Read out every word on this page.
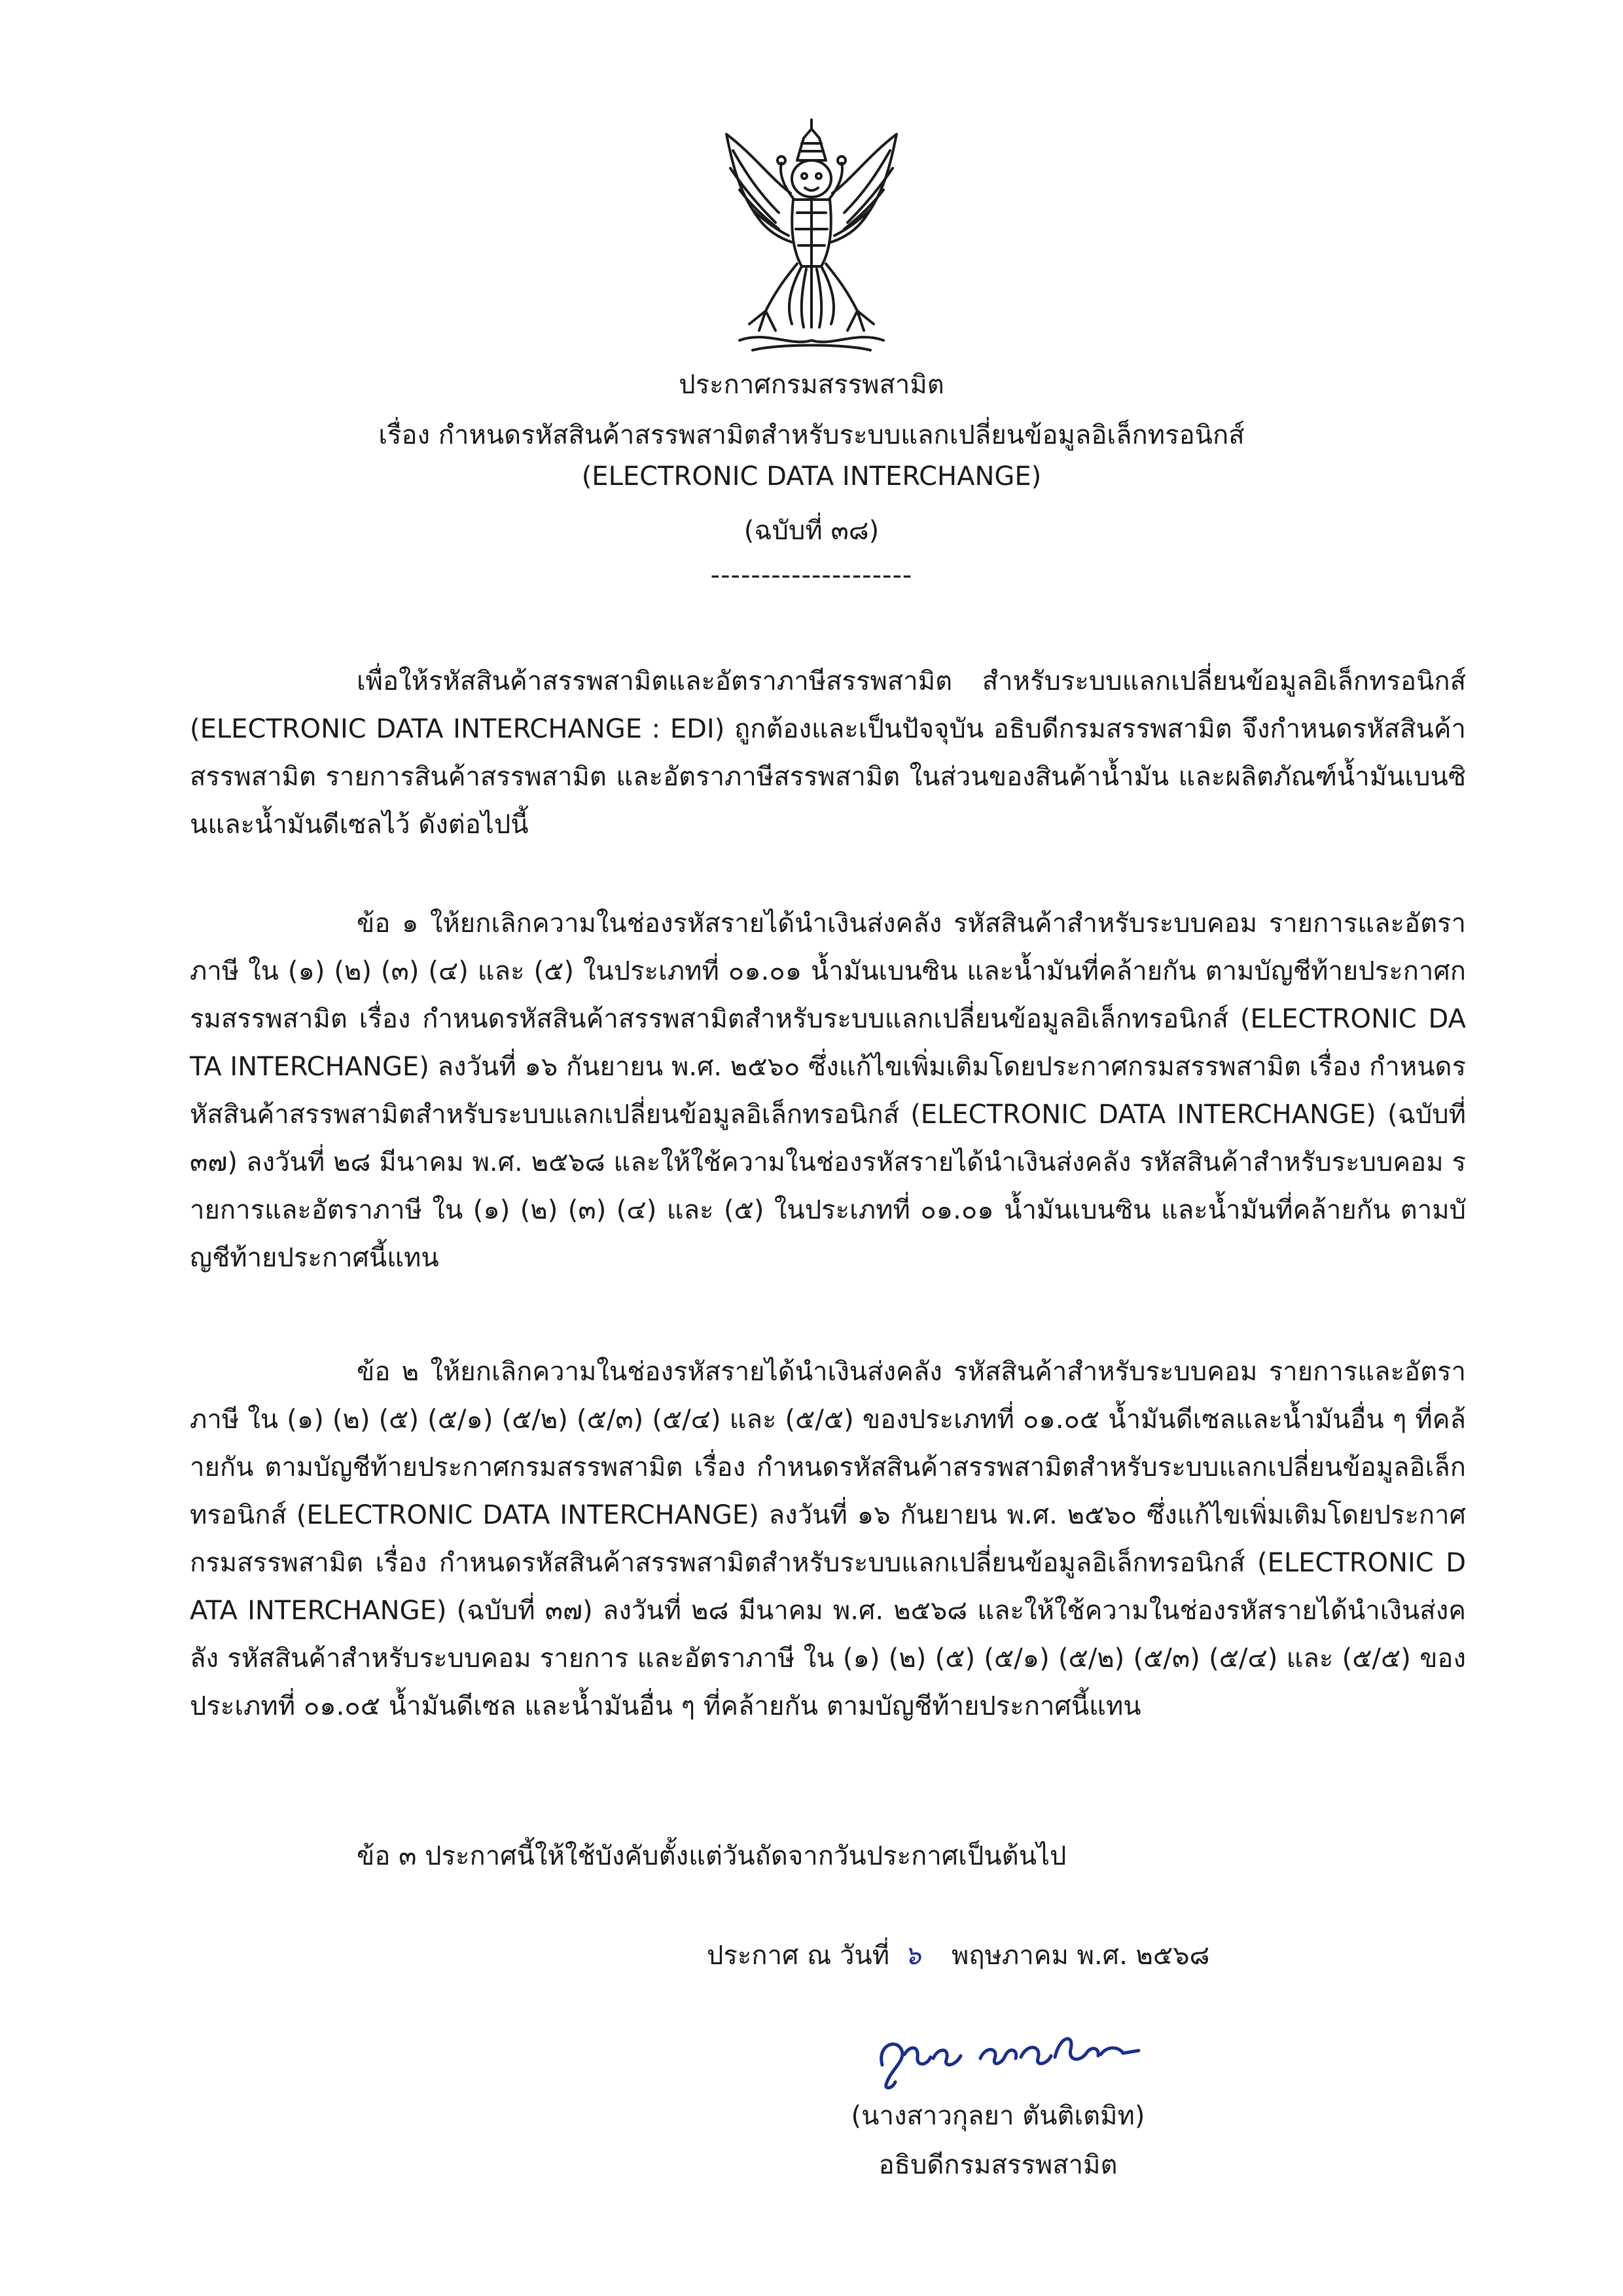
ประกาศกรมสรรพสามิต
เรื่อง กำหนดรหัสสินค้าสรรพสามิตสำหรับระบบแลกเปลี่ยนข้อมูลอิเล็กทรอนิกส์
(ELECTRONIC DATA INTERCHANGE)
(ฉบับที่ ๓๘)
--------------------
เพื่อให้รหัสสินค้าสรรพสามิตและอัตราภาษีสรรพสามิต สำหรับระบบแลกเปลี่ยนข้อมูลอิเล็กทรอนิกส์ (ELECTRONIC DATA INTERCHANGE : EDI) ถูกต้องและเป็นปัจจุบัน อธิบดีกรมสรรพสามิต จึงกำหนดรหัสสินค้าสรรพสามิต รายการสินค้าสรรพสามิต และอัตราภาษีสรรพสามิต ในส่วนของสินค้าน้ำมัน และผลิตภัณฑ์น้ำมันเบนซินและน้ำมันดีเซลไว้ ดังต่อไปนี้
ข้อ ๑ ให้ยกเลิกความในช่องรหัสรายได้นำเงินส่งคลัง รหัสสินค้าสำหรับระบบคอม รายการและอัตราภาษี ใน (๑) (๒) (๓) (๔) และ (๕) ในประเภทที่ ๐๑.๐๑ น้ำมันเบนซิน และน้ำมันที่คล้ายกัน ตามบัญชีท้ายประกาศกรมสรรพสามิต เรื่อง กำหนดรหัสสินค้าสรรพสามิตสำหรับระบบแลกเปลี่ยนข้อมูลอิเล็กทรอนิกส์ (ELECTRONIC DATA INTERCHANGE) ลงวันที่ ๑๖ กันยายน พ.ศ. ๒๕๖๐ ซึ่งแก้ไขเพิ่มเติมโดยประกาศกรมสรรพสามิต เรื่อง กำหนดรหัสสินค้าสรรพสามิตสำหรับระบบแลกเปลี่ยนข้อมูลอิเล็กทรอนิกส์ (ELECTRONIC DATA INTERCHANGE) (ฉบับที่ ๓๗) ลงวันที่ ๒๘ มีนาคม พ.ศ. ๒๕๖๘ และให้ใช้ความในช่องรหัสรายได้นำเงินส่งคลัง รหัสสินค้าสำหรับระบบคอม รายการและอัตราภาษี ใน (๑) (๒) (๓) (๔) และ (๕) ในประเภทที่ ๐๑.๐๑ น้ำมันเบนซิน และน้ำมันที่คล้ายกัน ตามบัญชีท้ายประกาศนี้แทน
ข้อ ๒ ให้ยกเลิกความในช่องรหัสรายได้นำเงินส่งคลัง รหัสสินค้าสำหรับระบบคอม รายการและอัตราภาษี ใน (๑) (๒) (๕) (๕/๑) (๕/๒) (๕/๓) (๕/๔) และ (๕/๕) ของประเภทที่ ๐๑.๐๕ น้ำมันดีเซลและน้ำมันอื่น ๆ ที่คล้ายกัน ตามบัญชีท้ายประกาศกรมสรรพสามิต เรื่อง กำหนดรหัสสินค้าสรรพสามิตสำหรับระบบแลกเปลี่ยนข้อมูลอิเล็กทรอนิกส์ (ELECTRONIC DATA INTERCHANGE) ลงวันที่ ๑๖ กันยายน พ.ศ. ๒๕๖๐ ซึ่งแก้ไขเพิ่มเติมโดยประกาศกรมสรรพสามิต เรื่อง กำหนดรหัสสินค้าสรรพสามิตสำหรับระบบแลกเปลี่ยนข้อมูลอิเล็กทรอนิกส์ (ELECTRONIC DATA INTERCHANGE) (ฉบับที่ ๓๗) ลงวันที่ ๒๘ มีนาคม พ.ศ. ๒๕๖๘ และให้ใช้ความในช่องรหัสรายได้นำเงินส่งคลัง รหัสสินค้าสำหรับระบบคอม รายการ และอัตราภาษี ใน (๑) (๒) (๕) (๕/๑) (๕/๒) (๕/๓) (๕/๔) และ (๕/๕) ของประเภทที่ ๐๑.๐๕ น้ำมันดีเซล และน้ำมันอื่น ๆ ที่คล้ายกัน ตามบัญชีท้ายประกาศนี้แทน
ข้อ ๓ ประกาศนี้ให้ใช้บังคับตั้งแต่วันถัดจากวันประกาศเป็นต้นไป
ประกาศ ณ วันที่ ๖ พฤษภาคม พ.ศ. ๒๕๖๘
(นางสาวกุลยา ตันติเตมิท)
อธิบดีกรมสรรพสามิต
